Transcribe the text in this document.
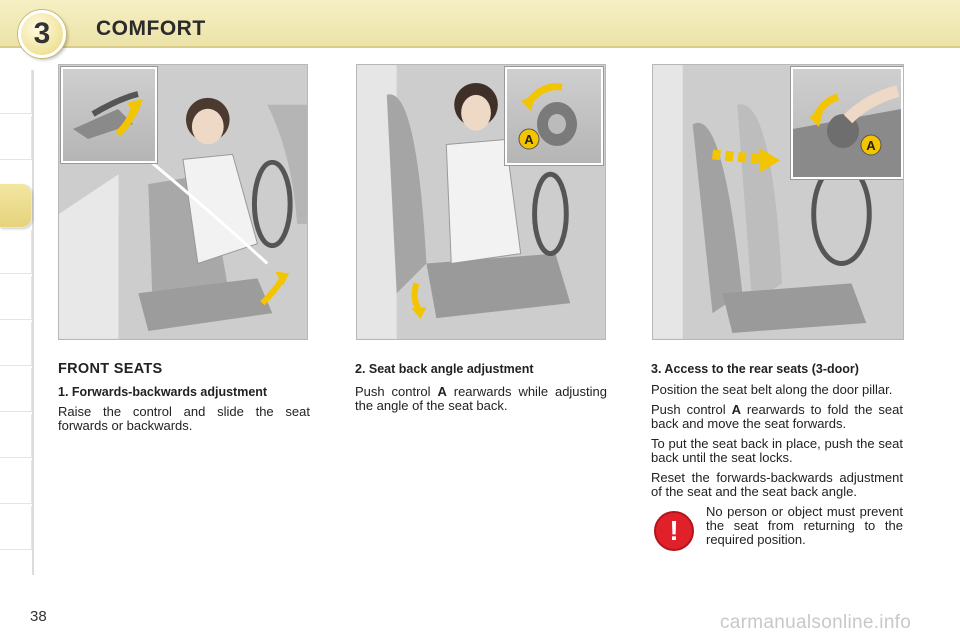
3	COMFORT
A	A
FRONT SEATS
1. Forwards-backwards adjustment
Raise the control and slide the seat forwards or backwards.
2. Seat back angle adjustment
Push control A rearwards while adjusting the angle of the seat back.
3. Access to the rear seats (3-door)
Position the seat belt along the door pillar.
Push control A rearwards to fold the seat back and move the seat forwards.
To put the seat back in place, push the seat back until the seat locks.
Reset the forwards-backwards adjustment of the seat and the seat back angle.
!
No person or object must prevent the seat from returning to the required position.
38	carmanualsonline.info
